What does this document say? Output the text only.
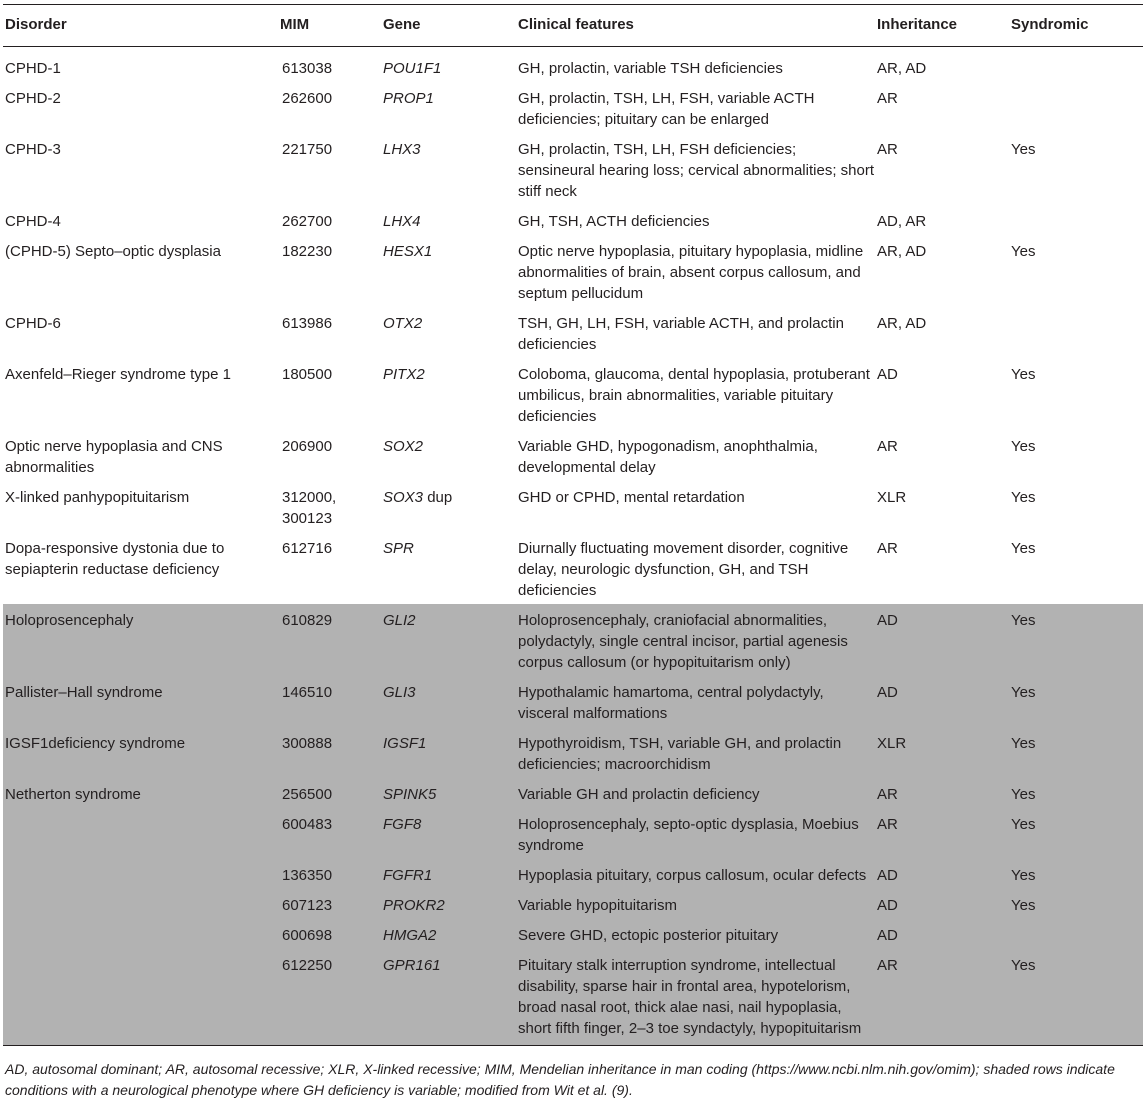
Disorder	MIM	Gene	Clinical features	Inheritance	Syndromic
CPHD-1	613038	POU1F1	GH, prolactin, variable TSH deficiencies	AR, AD	
CPHD-2	262600	PROP1	GH, prolactin, TSH, LH, FSH, variable ACTH deficiencies; pituitary can be enlarged	AR	
CPHD-3	221750	LHX3	GH, prolactin, TSH, LH, FSH deficiencies; sensineural hearing loss; cervical abnormalities; short stiff neck	AR	Yes
CPHD-4	262700	LHX4	GH, TSH, ACTH deficiencies	AD, AR	
(CPHD-5) Septo–optic dysplasia	182230	HESX1	Optic nerve hypoplasia, pituitary hypoplasia, midline abnormalities of brain, absent corpus callosum, and septum pellucidum	AR, AD	Yes
CPHD-6	613986	OTX2	TSH, GH, LH, FSH, variable ACTH, and prolactin deficiencies	AR, AD	
Axenfeld–Rieger syndrome type 1	180500	PITX2	Coloboma, glaucoma, dental hypoplasia, protuberant umbilicus, brain abnormalities, variable pituitary deficiencies	AD	Yes
Optic nerve hypoplasia and CNS abnormalities	206900	SOX2	Variable GHD, hypogonadism, anophthalmia, developmental delay	AR	Yes
X-linked panhypopituitarism	312000, 300123	SOX3 dup	GHD or CPHD, mental retardation	XLR	Yes
Dopa-responsive dystonia due to sepiapterin reductase deficiency	612716	SPR	Diurnally fluctuating movement disorder, cognitive delay, neurologic dysfunction, GH, and TSH deficiencies	AR	Yes
Holoprosencephaly	610829	GLI2	Holoprosencephaly, craniofacial abnormalities, polydactyly, single central incisor, partial agenesis corpus callosum (or hypopituitarism only)	AD	Yes
Pallister–Hall syndrome	146510	GLI3	Hypothalamic hamartoma, central polydactyly, visceral malformations	AD	Yes
IGSF1deficiency syndrome	300888	IGSF1	Hypothyroidism, TSH, variable GH, and prolactin deficiencies; macroorchidism	XLR	Yes
Netherton syndrome	256500	SPINK5	Variable GH and prolactin deficiency	AR	Yes
	600483	FGF8	Holoprosencephaly, septo-optic dysplasia, Moebius syndrome	AR	Yes
	136350	FGFR1	Hypoplasia pituitary, corpus callosum, ocular defects	AD	Yes
	607123	PROKR2	Variable hypopituitarism	AD	Yes
	600698	HMGA2	Severe GHD, ectopic posterior pituitary	AD	
	612250	GPR161	Pituitary stalk interruption syndrome, intellectual disability, sparse hair in frontal area, hypotelorism, broad nasal root, thick alae nasi, nail hypoplasia, short fifth finger, 2–3 toe syndactyly, hypopituitarism	AR	Yes
AD, autosomal dominant; AR, autosomal recessive; XLR, X-linked recessive; MIM, Mendelian inheritance in man coding (https://www.ncbi.nlm.nih.gov/omim); shaded rows indicate conditions with a neurological phenotype where GH deficiency is variable; modified from Wit et al. (9).
